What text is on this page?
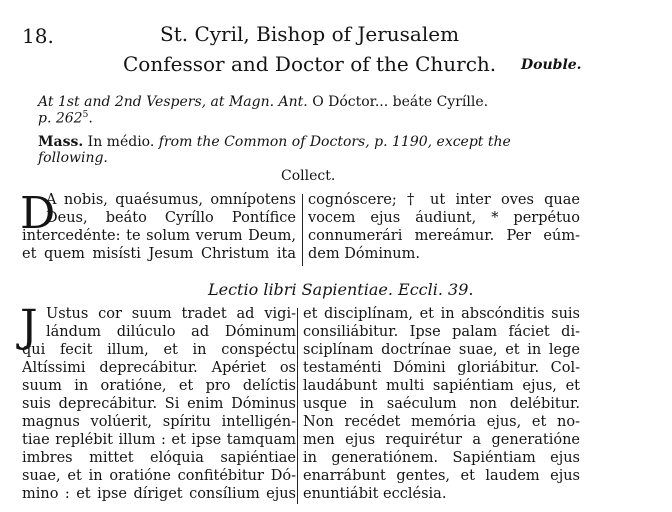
18.	St. Cyril, Bishop of Jerusalem
Confessor and Doctor of the Church. Double.
At 1st and 2nd Vespers, at Magn. Ant. O Dóctor... beáte Cyrílle.
p. $262^5$.
Mass. In médio. from the Common of Doctors, p. 1190, except the
following.
Collect.
D
A nobis, quaésumus, omnípotens
Deus, beáto Cyríllo Pontífice
intercedénte: te solum verum Deum,
et quem misísti Jesum Christum ita
cognóscere; † ut inter oves quae
vocem ejus áudiunt, * perpétuo
connumerári mereámur. Per eúm-
dem Dóminum.
Lectio libri Sapientiae. Eccli. 39.
J Ustus cor suum tradet ad vigi-
lándum dilúculo ad Dóminum
qui fecit illum, et in conspéctu
Altíssimi deprecábitur. Apériet os
suum in oratióne, et pro delíctis
suis deprecábitur. Si enim Dóminus
magnus volúerit, spíritu intelligén-
tiae replébit illum : et ipse tamquam
imbres mittet elóquia sapiéntiae
suae, et in oratióne confitébitur Dó-
mino : et ipse díriget consílium ejus
et disciplínam, et in abscónditis suis
consiliábitur. Ipse palam fáciet di-
sciplínam doctrínae suae, et in lege
testaménti Dómini gloriábitur. Col-
laudábunt multi sapiéntiam ejus, et
usque in saéculum non delébitur.
Non recédet memória ejus, et no-
men ejus requirétur a generatióne
in generatiónem. Sapiéntiam ejus
enarrábunt gentes, et laudem ejus
enuntiábit ecclésia.
